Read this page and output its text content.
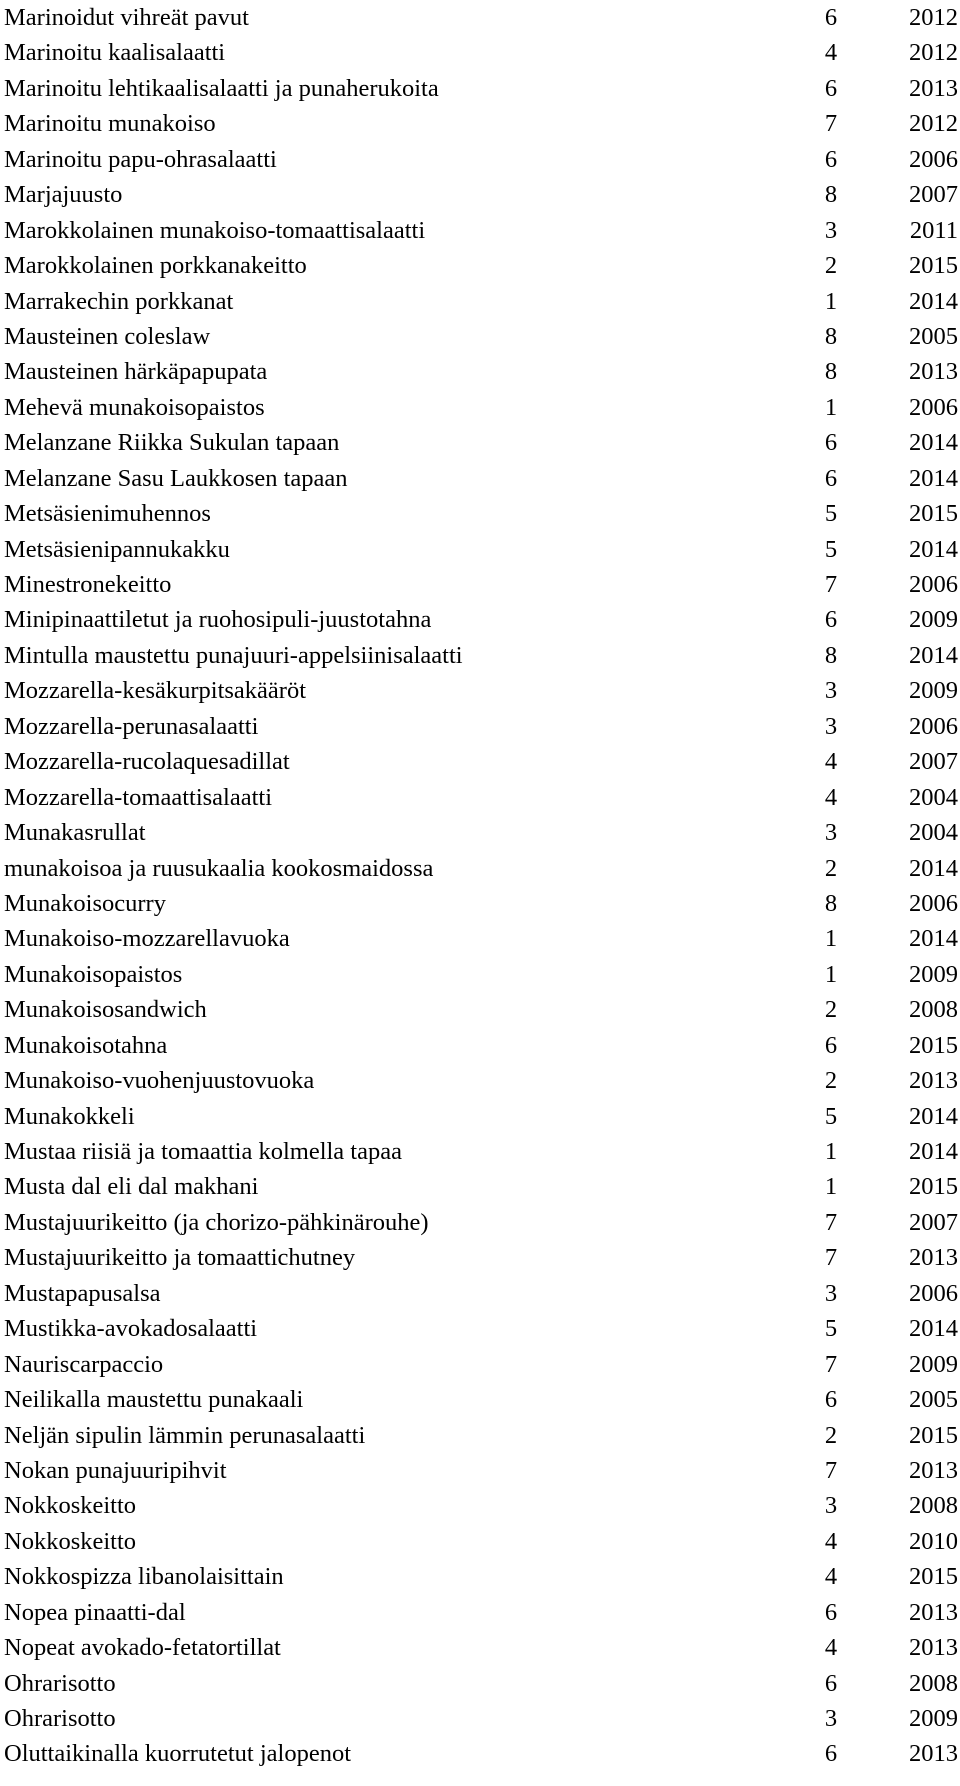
Marinoidut vihreät pavut	6	2012
Marinoitu kaalisalaatti	4	2012
Marinoitu lehtikaalisalaatti ja punaherukoita	6	2013
Marinoitu munakoiso	7	2012
Marinoitu papu-ohrasalaatti	6	2006
Marjajuusto	8	2007
Marokkolainen munakoiso-tomaattisalaatti	3	2011
Marokkolainen porkkanakeitto	2	2015
Marrakechin porkkanat	1	2014
Mausteinen coleslaw	8	2005
Mausteinen härkäpapupata	8	2013
Mehevä munakoisopaistos	1	2006
Melanzane Riikka Sukulan tapaan	6	2014
Melanzane Sasu Laukkosen tapaan	6	2014
Metsäsienimuhennos	5	2015
Metsäsienipannukakku	5	2014
Minestronekeitto	7	2006
Minipinaattiletut ja ruohosipuli-juustotahna	6	2009
Mintulla maustettu punajuuri-appelsiinisalaatti	8	2014
Mozzarella-kesäkurpitsakääröt	3	2009
Mozzarella-perunasalaatti	3	2006
Mozzarella-rucolaquesadillat	4	2007
Mozzarella-tomaattisalaatti	4	2004
Munakasrullat	3	2004
munakoisoa ja ruusukaalia kookosmaidossa	2	2014
Munakoisocurry	8	2006
Munakoiso-mozzarellavuoka	1	2014
Munakoisopaistos	1	2009
Munakoisosandwich	2	2008
Munakoisotahna	6	2015
Munakoiso-vuohenjuustovuoka	2	2013
Munakokkeli	5	2014
Mustaa riisiä ja tomaattia kolmella tapaa	1	2014
Musta dal eli dal makhani	1	2015
Mustajuurikeitto (ja chorizo-pähkinärouhe)	7	2007
Mustajuurikeitto ja tomaattichutney	7	2013
Mustapapusalsa	3	2006
Mustikka-avokadosalaatti	5	2014
Nauriscarpaccio	7	2009
Neilikalla maustettu punakaali	6	2005
Neljän sipulin lämmin perunasalaatti	2	2015
Nokan punajuuripihvit	7	2013
Nokkoskeitto	3	2008
Nokkoskeitto	4	2010
Nokkospizza libanolaisittain	4	2015
Nopea pinaatti-dal	6	2013
Nopeat avokado-fetatortillat	4	2013
Ohrarisotto	6	2008
Ohrarisotto	3	2009
Oluttaikinalla kuorrutetut jalopenot	6	2013
